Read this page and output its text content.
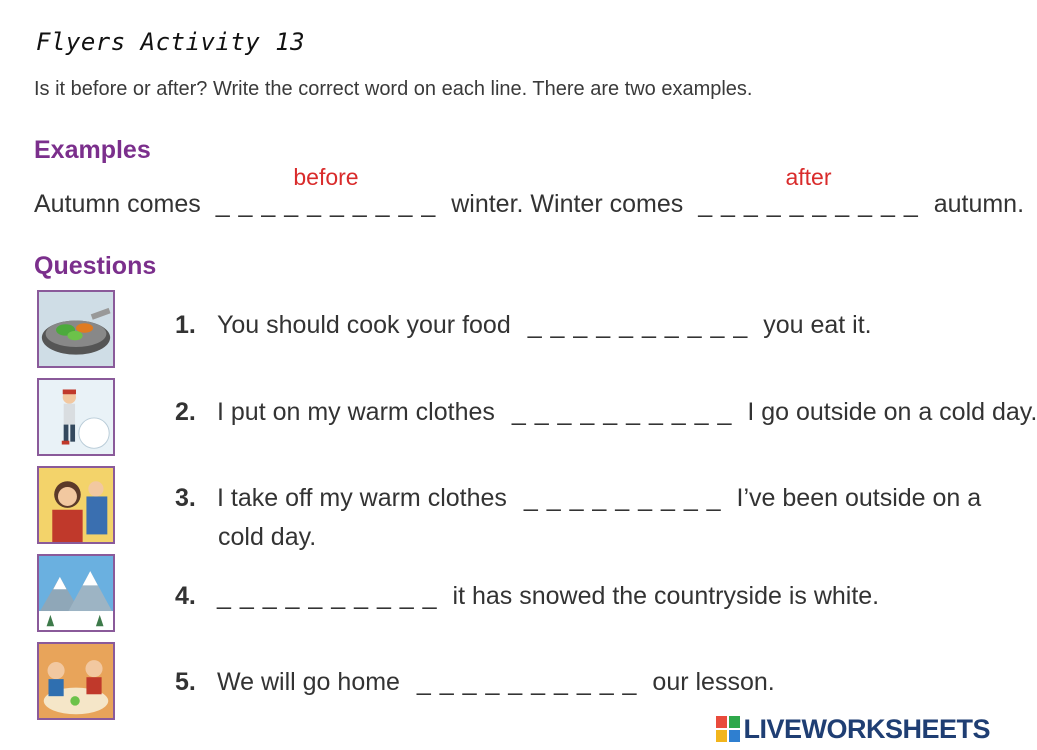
Flyers Activity 13
Is it before or after? Write the correct word on each line. There are two examples.
Examples
Autumn comes
before
_ _ _ _ _ _ _ _ _ _ winter. Winter comes
after
_ _ _ _ _ _ _ _ _ _ autumn.
Questions
1. You should cook your food _ _ _ _ _ _ _ _ _ _ you eat it.
2. I put on my warm clothes _ _ _ _ _ _ _ _ _ _ I go outside on a cold day.
3. I take off my warm clothes _ _ _ _ _ _ _ _ _ I’ve been outside on a
cold day.
4. _ _ _ _ _ _ _ _ _ _ it has snowed the countryside is white.
5. We will go home _ _ _ _ _ _ _ _ _ _ our lesson.
LIVEWORKSHEETS
